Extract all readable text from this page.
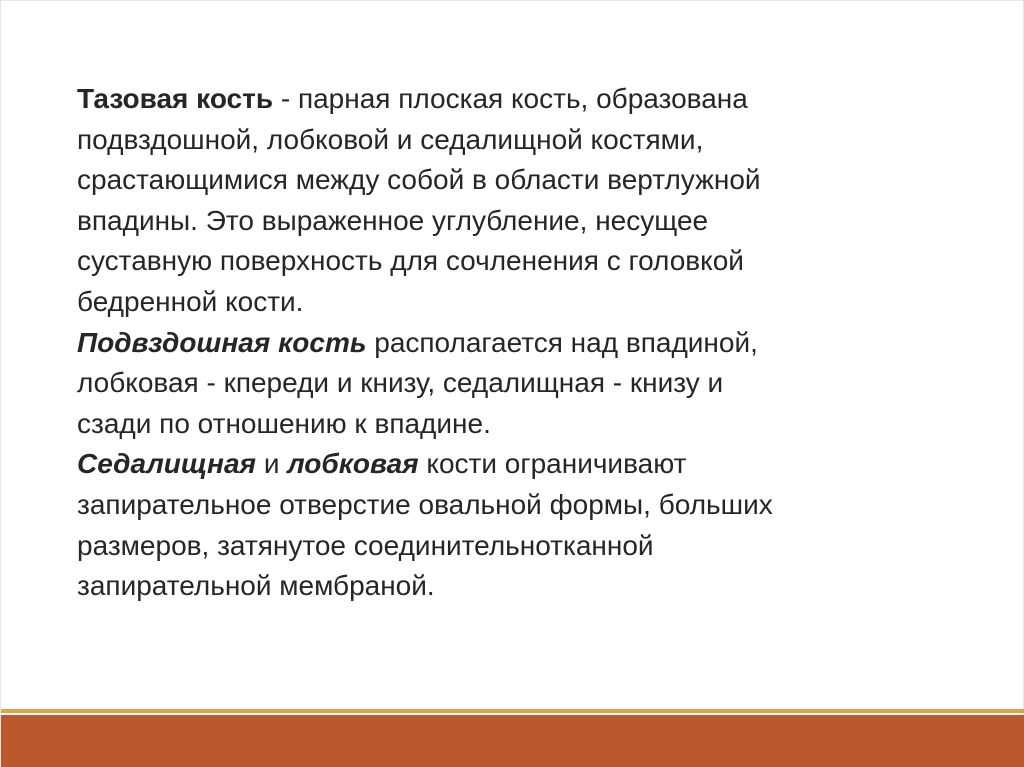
Тазовая кость - парная плоская кость, образована
подвздошной, лобковой и седалищной костями,
срастающимися между собой в области вертлужной
впадины. Это выраженное углубление, несущее
суставную поверхность для сочленения с головкой
бедренной кости.

Подвздошная кость располагается над впадиной,
лобковая - кпереди и книзу, седалищная - книзу и
сзади по отношению к впадине.

Седалищная и лобковая кости ограничивают
запирательное отверстие овальной формы, больших
размеров, затянутое соединительнотканной
запирательной мембраной.
